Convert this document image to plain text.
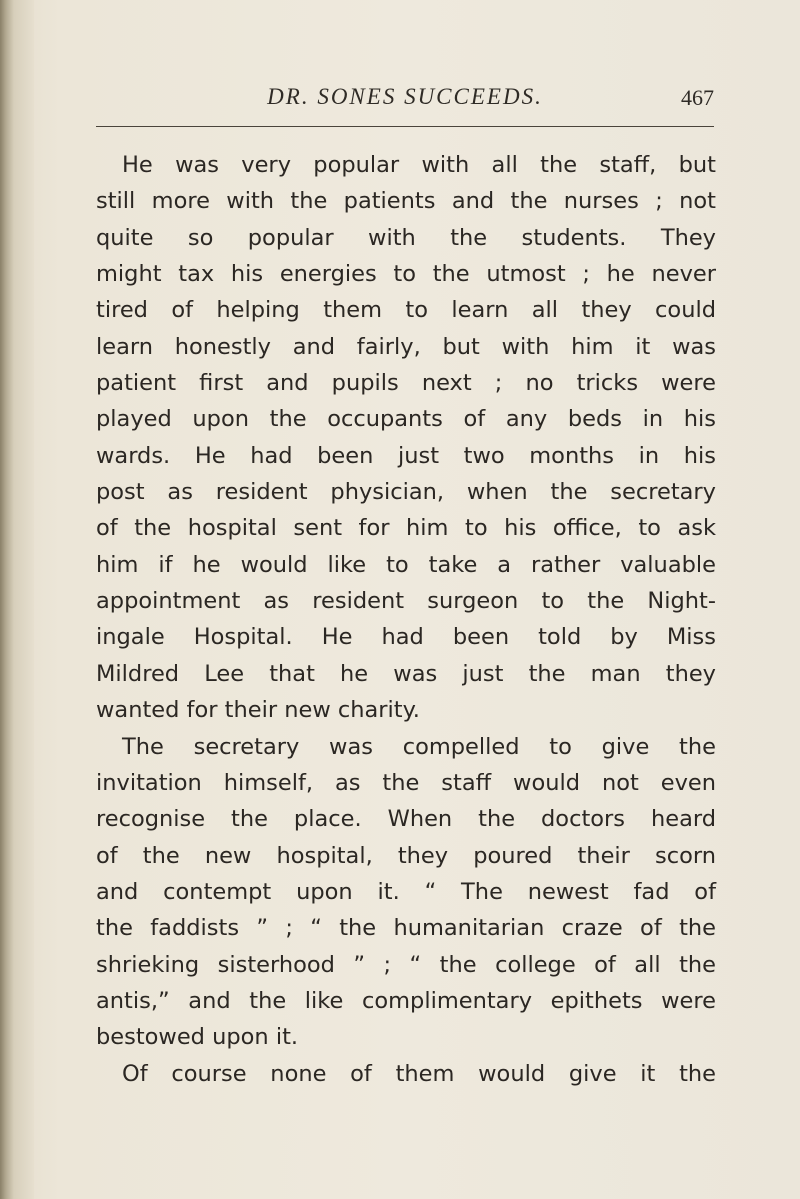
DR. SONES SUCCEEDS.	467
He was very popular with all the staff, but
still more with the patients and the nurses ; not
quite so popular with the students. They
might tax his energies to the utmost ; he never
tired of helping them to learn all they could
learn honestly and fairly, but with him it was
patient first and pupils next ; no tricks were
played upon the occupants of any beds in his
wards. He had been just two months in his
post as resident physician, when the secretary
of the hospital sent for him to his office, to ask
him if he would like to take a rather valuable
appointment as resident surgeon to the Night-
ingale Hospital. He had been told by Miss
Mildred Lee that he was just the man they
wanted for their new charity.
The secretary was compelled to give the
invitation himself, as the staff would not even
recognise the place. When the doctors heard
of the new hospital, they poured their scorn
and contempt upon it. “ The newest fad of
the faddists ” ; “ the humanitarian craze of the
shrieking sisterhood ” ; “ the college of all the
antis,” and the like complimentary epithets were
bestowed upon it.
Of course none of them would give it the
